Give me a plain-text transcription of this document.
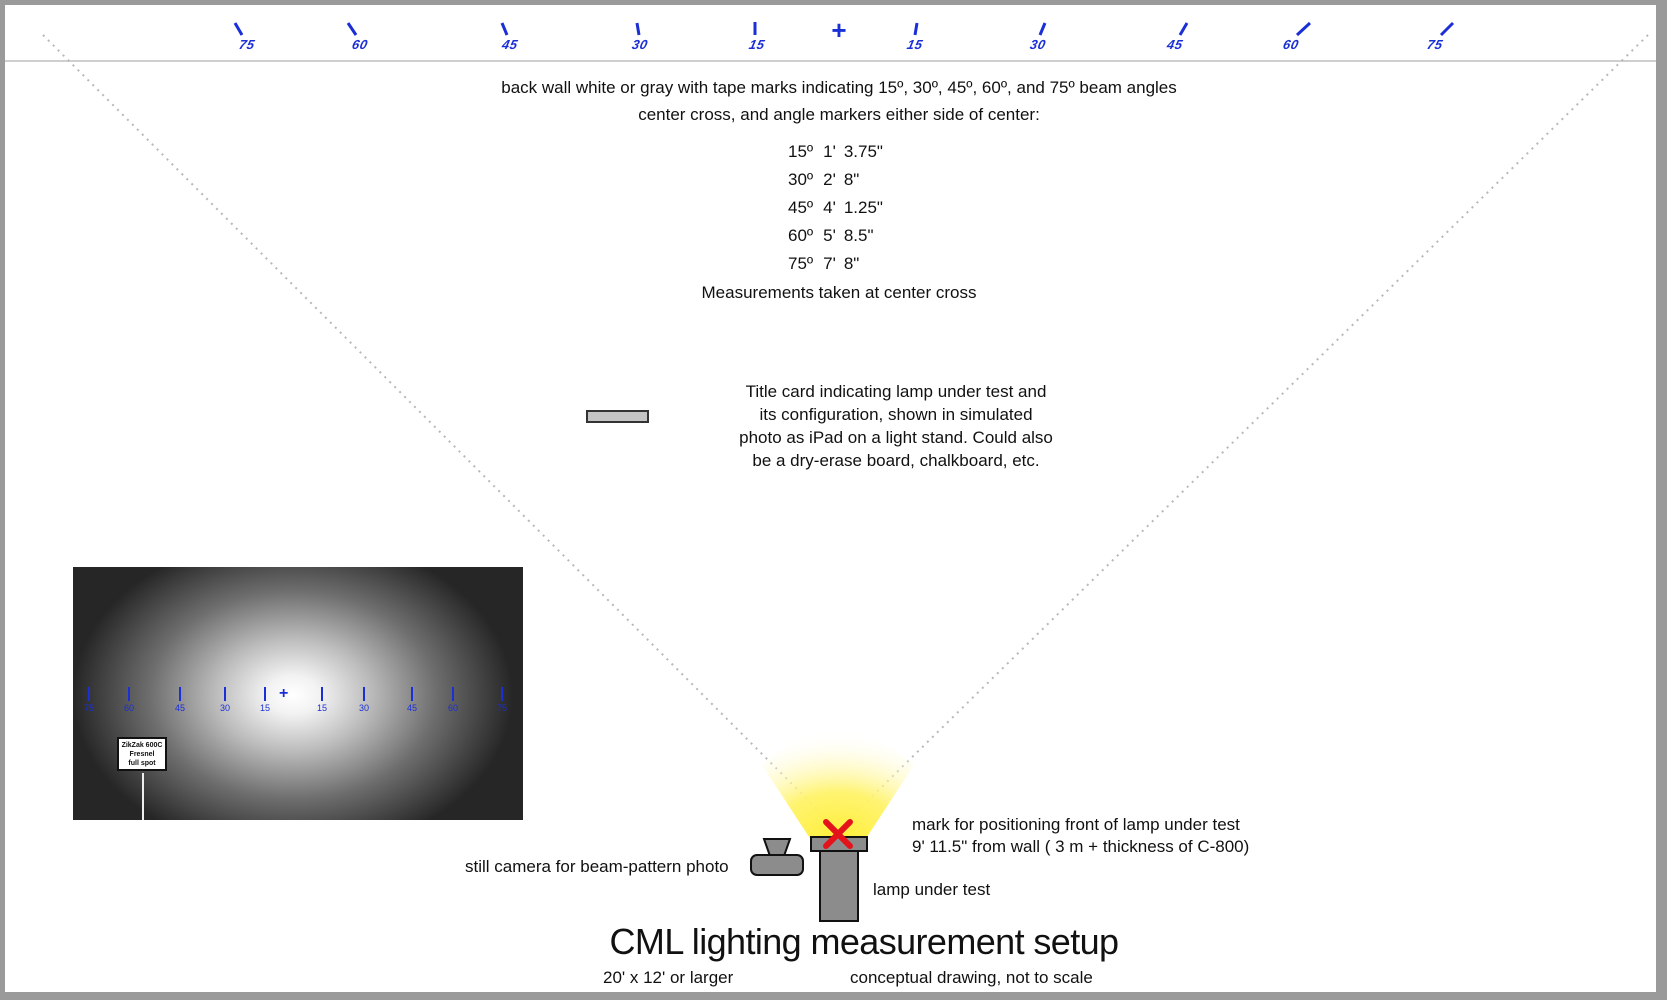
75	60	45	30	15	+	15	30	45	60	75
back wall white or gray with tape marks indicating 15º, 30º, 45º, 60º, and 75º beam angles
center cross, and angle markers either side of center:
15º	1'	3.75"
30º	2'	8"
45º	4'	1.25"
60º	5'	8.5"
75º	7'	8"
Measurements taken at center cross
Title card indicating lamp under test and
its configuration, shown in simulated
photo as iPad on a light stand. Could also
be a dry-erase board, chalkboard, etc.
75	60	45	30	15
+
15	30	45	60	75
ZikZak 600C
Fresnel
full spot
mark for positioning front of lamp under test
9' 11.5" from wall ( 3 m + thickness of C-800)
still camera for beam-pattern photo
lamp under test
CML lighting measurement setup
20' x 12' or larger	conceptual drawing, not to scale
